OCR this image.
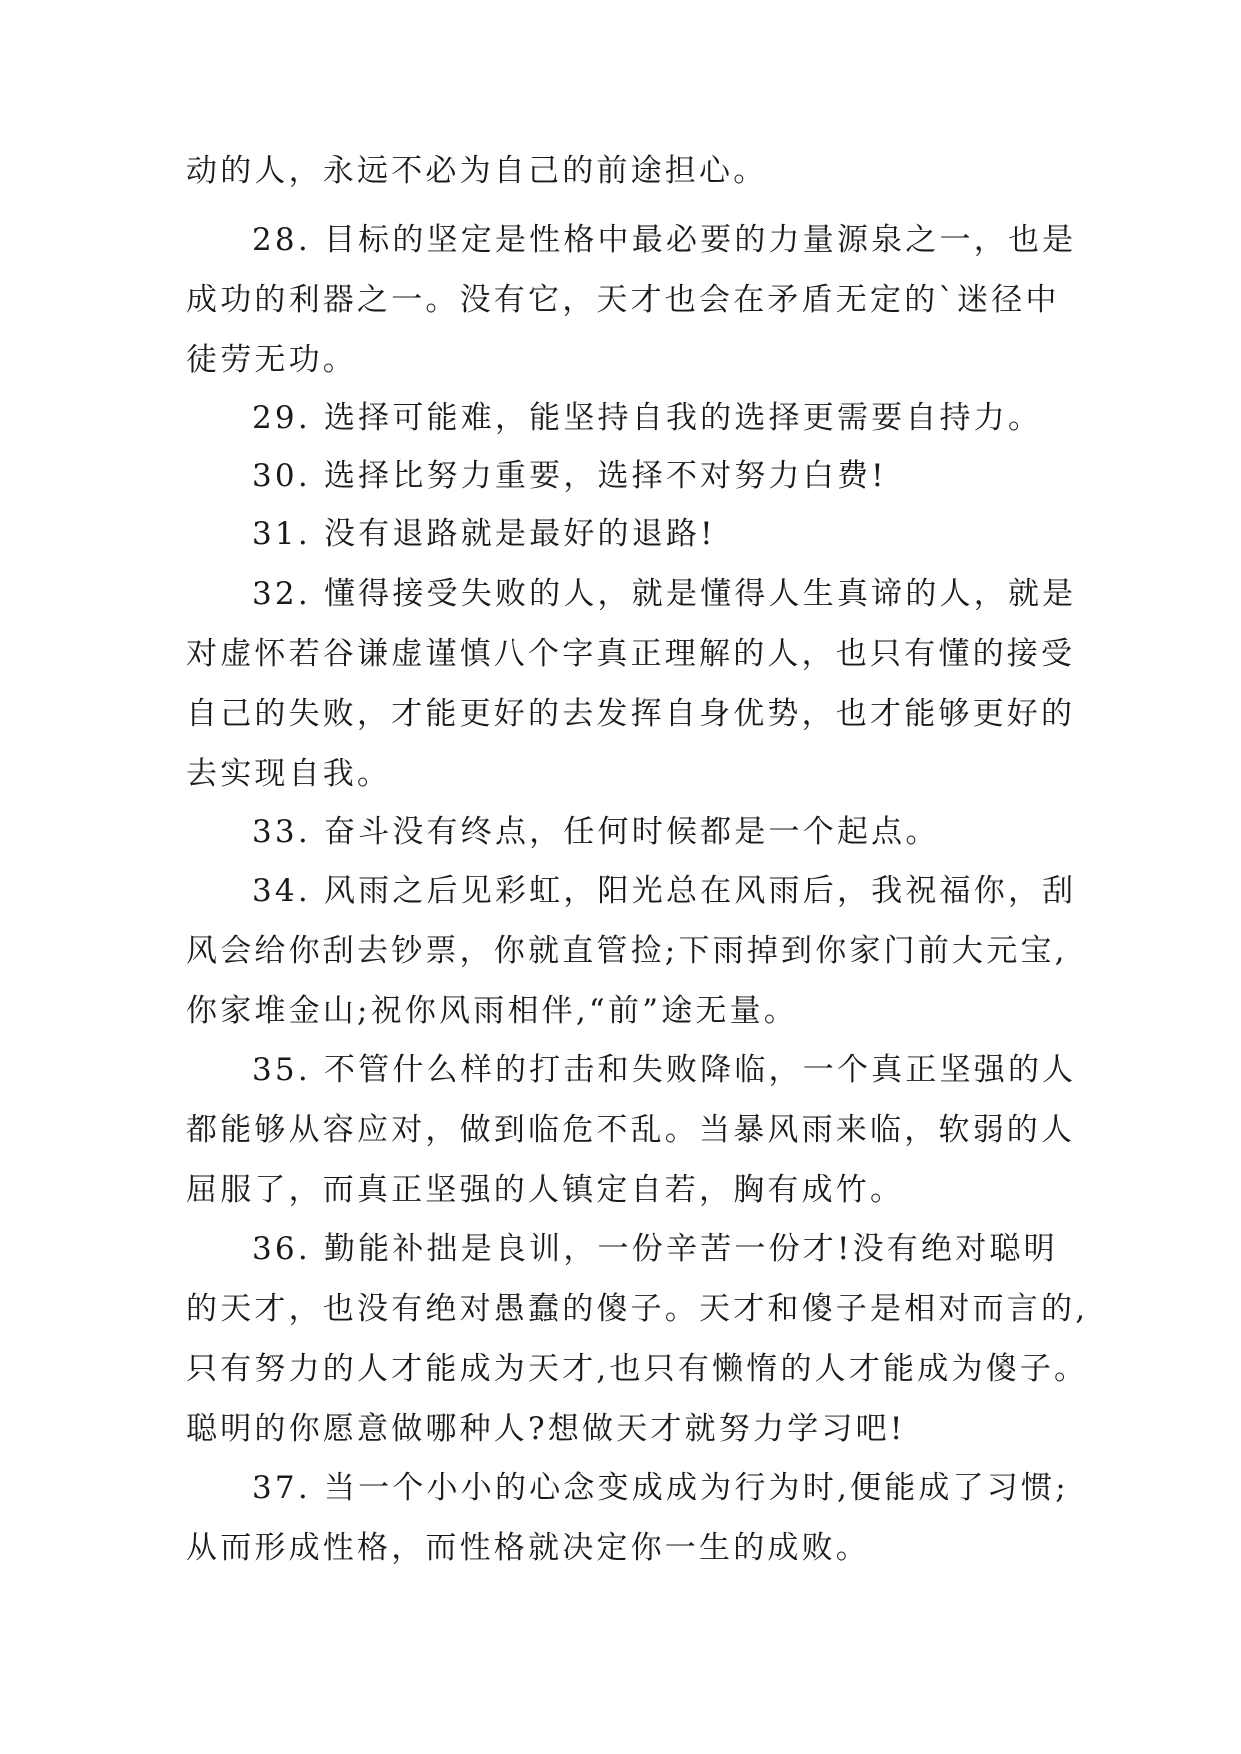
动的人，永远不必为自己的前途担心。
28. 目标的坚定是性格中最必要的力量源泉之一，也是
成功的利器之一。没有它，天才也会在矛盾无定的`迷径中
徒劳无功。
29. 选择可能难，能坚持自我的选择更需要自持力。
30. 选择比努力重要，选择不对努力白费!
31. 没有退路就是最好的退路!
32. 懂得接受失败的人，就是懂得人生真谛的人，就是
对虚怀若谷谦虚谨慎八个字真正理解的人，也只有懂的接受
自己的失败，才能更好的去发挥自身优势，也才能够更好的
去实现自我。
33. 奋斗没有终点，任何时候都是一个起点。
34. 风雨之后见彩虹，阳光总在风雨后，我祝福你，刮
风会给你刮去钞票，你就直管捡;下雨掉到你家门前大元宝,
你家堆金山;祝你风雨相伴,“前”途无量。
35. 不管什么样的打击和失败降临，一个真正坚强的人
都能够从容应对，做到临危不乱。当暴风雨来临，软弱的人
屈服了，而真正坚强的人镇定自若，胸有成竹。
36. 勤能补拙是良训，一份辛苦一份才!没有绝对聪明
的天才，也没有绝对愚蠢的傻子。天才和傻子是相对而言的,
只有努力的人才能成为天才,也只有懒惰的人才能成为傻子。
聪明的你愿意做哪种人?想做天才就努力学习吧!
37. 当一个小小的心念变成成为行为时,便能成了习惯;
从而形成性格，而性格就决定你一生的成败。
